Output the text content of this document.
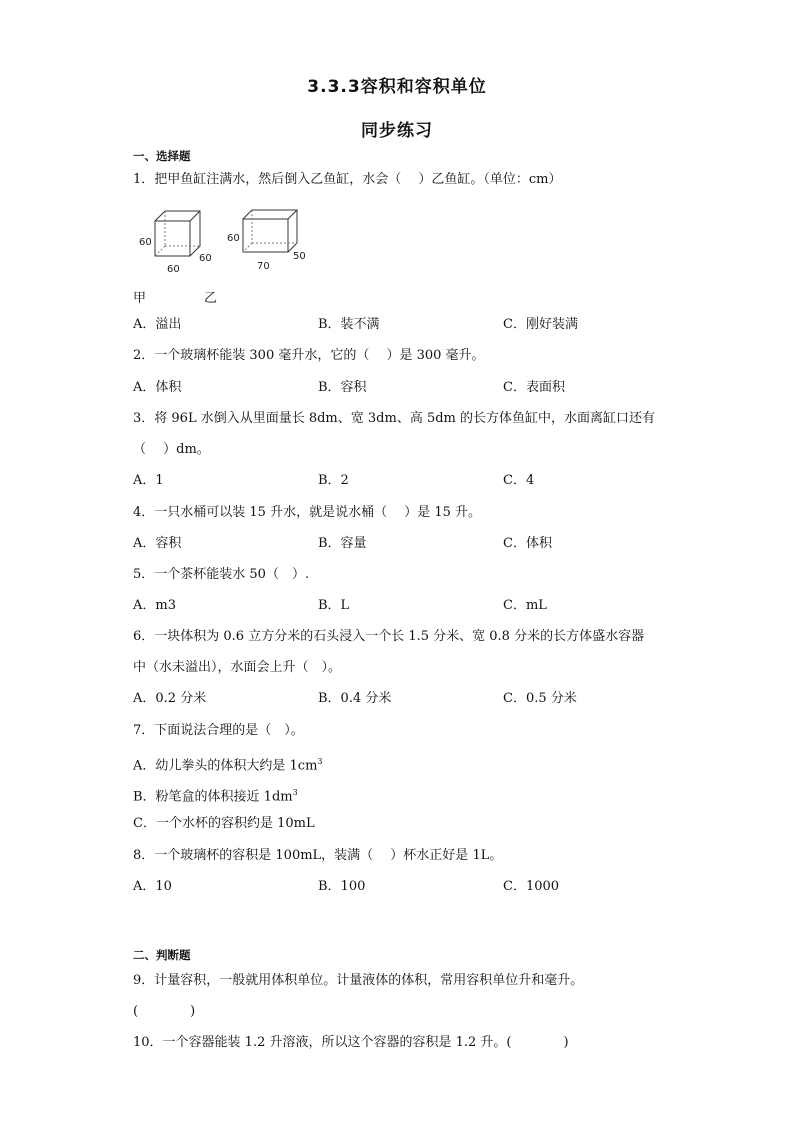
3.3.3容积和容积单位
同步练习
一、选择题
1．把甲鱼缸注满水，然后倒入乙鱼缸，水会（　 ）乙鱼缸。（单位：cm）
60
60
60
60
70
50
甲	乙
A．溢出	B．装不满	C．刚好装满
2．一个玻璃杯能装 300 毫升水，它的（　 ）是 300 毫升。
A．体积	B．容积	C．表面积
3．将 96L 水倒入从里面量长 8dm、宽 3dm、高 5dm 的长方体鱼缸中，水面离缸口还有
（　 ）dm。
A．1	B．2	C．4
4．一只水桶可以装 15 升水，就是说水桶（　 ）是 15 升。
A．容积	B．容量	C．体积
5．一个茶杯能装水 50（　）.
A．m3	B．L	C．mL
6．一块体积为 0.6 立方分米的石头浸入一个长 1.5 分米、宽 0.8 分米的长方体盛水容器
中（水未溢出），水面会上升（　）。
A．0.2 分米	B．0.4 分米	C．0.5 分米
7．下面说法合理的是（　）。
A．幼儿拳头的体积大约是 $1cm^3$
B．粉笔盒的体积接近 $1dm^3$
C．一个水杯的容积约是 10mL
8．一个玻璃杯的容积是 100mL，装满（　 ）杯水正好是 1L。
A．10	B．100	C．1000
二、判断题
9．计量容积，一般就用体积单位。计量液体的体积，常用容积单位升和毫升。
(　　　　)
10．一个容器能装 1.2 升溶液，所以这个容器的容积是 1.2 升。(　　　　)
